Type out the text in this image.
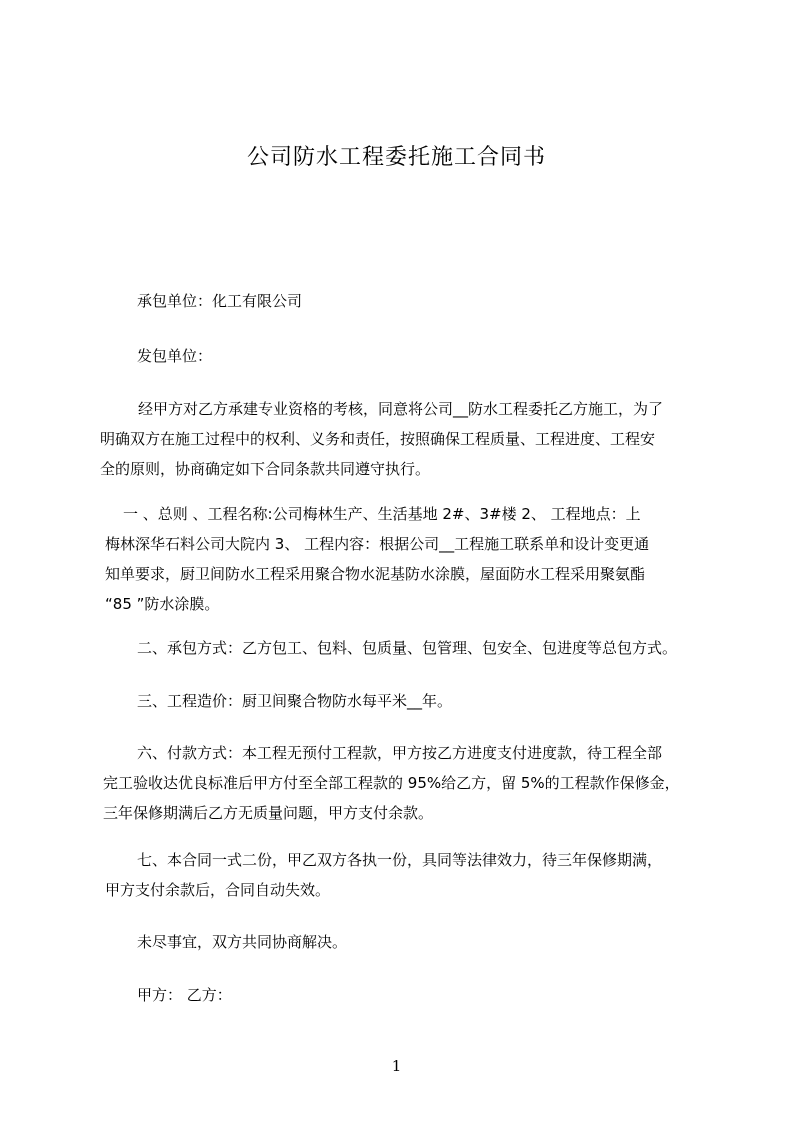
公司防水工程委托施工合同书
承包单位：化工有限公司
发包单位：
经甲方对乙方承建专业资格的考核，同意将公司__防水工程委托乙方施工，为了
明确双方在施工过程中的权利、义务和责任，按照确保工程质量、工程进度、工程安
全的原则，协商确定如下合同条款共同遵守执行。
一 、总则 、工程名称:公司梅林生产、生活基地 2#、3#楼 2、 工程地点：上
梅林深华石料公司大院内 3、 工程内容：根据公司__工程施工联系单和设计变更通
知单要求，厨卫间防水工程采用聚合物水泥基防水涂膜，屋面防水工程采用聚氨酯
“85 ”防水涂膜。
二、承包方式：乙方包工、包料、包质量、包管理、包安全、包进度等总包方式。
三、工程造价：厨卫间聚合物防水每平米__年。
六、付款方式：本工程无预付工程款，甲方按乙方进度支付进度款，待工程全部
完工验收达优良标准后甲方付至全部工程款的 95%给乙方，留 5%的工程款作保修金，
三年保修期满后乙方无质量问题，甲方支付余款。
七、本合同一式二份，甲乙双方各执一份，具同等法律效力，待三年保修期满，
甲方支付余款后，合同自动失效。
未尽事宜，双方共同协商解决。
甲方： 乙方：
1
